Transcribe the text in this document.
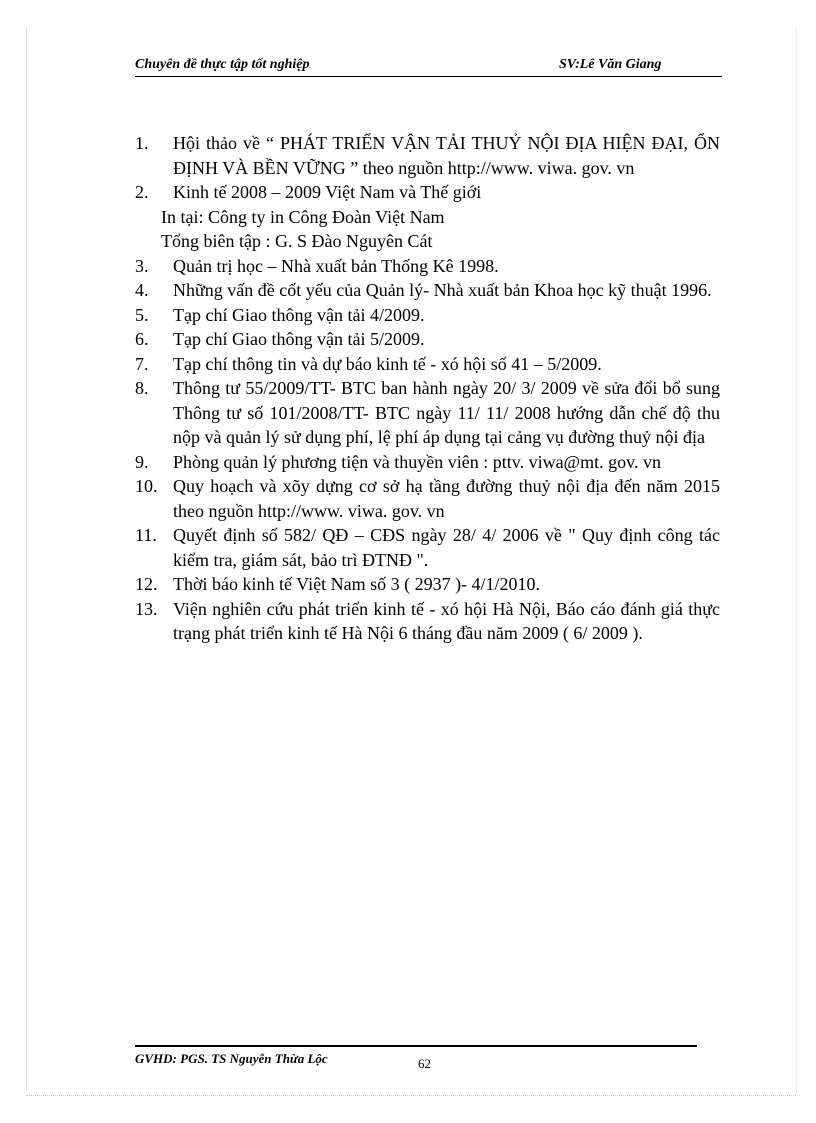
Chuyên đề thực tập tốt nghiệp	SV:Lê Văn Giang
1. Hội thảo về “ PHÁT TRIỂN VẬN TẢI THUỶ NỘI ĐỊA HIỆN ĐẠI, ỔN ĐỊNH VÀ BỀN VỮNG ” theo nguồn http://www. viwa. gov. vn
2. Kinh tế 2008 – 2009 Việt Nam và Thế giới
In tại: Công ty in Công Đoàn Việt Nam
Tổng biên tập : G. S Đào Nguyên Cát
3. Quản trị học – Nhà xuất bản Thống Kê 1998.
4. Những vấn đề cốt yếu của Quản lý- Nhà xuất bản Khoa học kỹ thuật 1996.
5. Tạp chí Giao thông vận tải 4/2009.
6. Tạp chí Giao thông vận tải 5/2009.
7. Tạp chí thông tin và dự báo kinh tế - xó hội số 41 – 5/2009.
8. Thông tư 55/2009/TT- BTC ban hành ngày 20/ 3/ 2009 về sửa đổi bổ sung Thông tư số 101/2008/TT- BTC ngày 11/ 11/ 2008 hướng dẫn chế độ thu nộp và quản lý sử dụng phí, lệ phí áp dụng tại cảng vụ đường thuỷ nội địa
9. Phòng quản lý phương tiện và thuyền viên : pttv. viwa@mt. gov. vn
10. Quy hoạch và xõy dựng cơ sở hạ tầng đường thuỷ nội địa đến năm 2015 theo nguồn http://www. viwa. gov. vn
11. Quyết định số 582/ QĐ – CĐS ngày 28/ 4/ 2006 về " Quy định công tác kiểm tra, giám sát, bảo trì ĐTNĐ ".
12. Thời báo kinh tế Việt Nam số 3 ( 2937 )- 4/1/2010.
13. Viện nghiên cứu phát triển kinh tế - xó hội Hà Nội, Báo cáo đánh giá thực trạng phát triển kinh tế Hà Nội 6 tháng đầu năm 2009 ( 6/ 2009 ).
GVHD: PGS. TS Nguyễn Thừa Lộc	62
